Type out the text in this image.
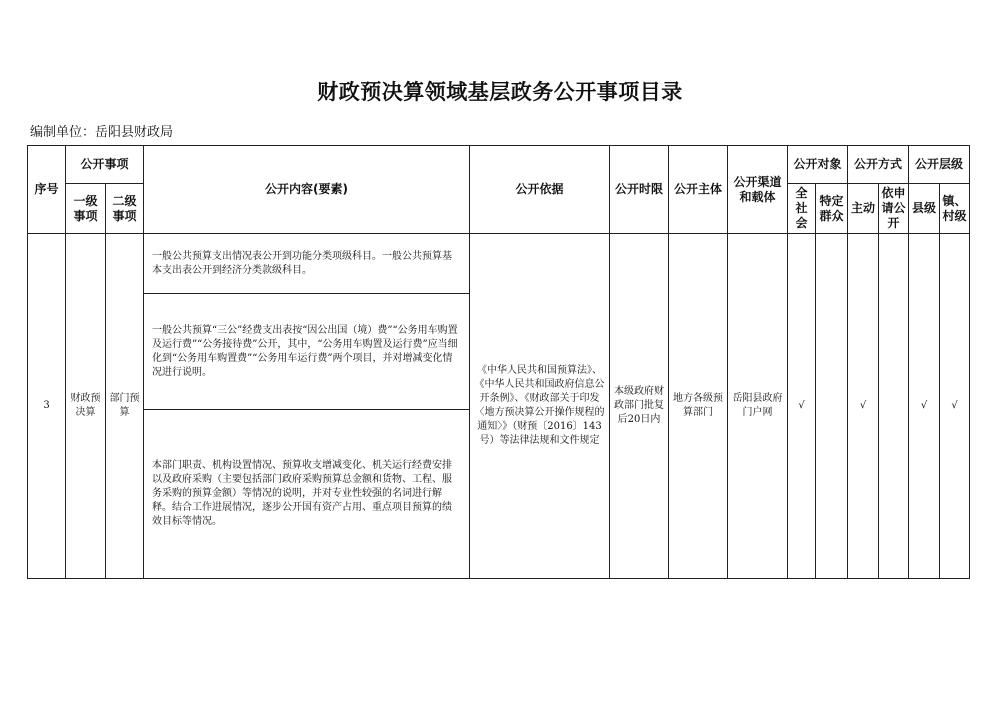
财政预决算领域基层政务公开事项目录
编制单位：岳阳县财政局
序号	公开事项		公开内容(要素)	公开依据	公开时限	公开主体	公开渠道和载体	公开对象		公开方式		公开层级	
	一级事项	二级事项						全社会	特定群众	主动	依申请公开	县级	镇、村级
3	财政预决算	部门预算	一般公共预算支出情况表公开到功能分类项级科目。一般公共预算基本支出表公开到经济分类款级科目。
一般公共预算“三公”经费支出表按“因公出国（境）费”“公务用车购置及运行费”“公务接待费”公开，其中，“公务用车购置及运行费”应当细化到“公务用车购置费”“公务用车运行费”两个项目，并对增减变化情况进行说明。
本部门职责、机构设置情况、预算收支增减变化、机关运行经费安排以及政府采购（主要包括部门政府采购预算总金额和货物、工程、服务采购的预算金额）等情况的说明，并对专业性较强的名词进行解释。结合工作进展情况，逐步公开国有资产占用、重点项目预算的绩效目标等情况。	《中华人民共和国预算法》、《中华人民共和国政府信息公开条例》、《财政部关于印发〈地方预决算公开操作规程的通知〉》（财预〔2016〕143号）等法律法规和文件规定	本级政府财政部门批复后20日内	地方各级预算部门	岳阳县政府门户网	√		√		√	√
